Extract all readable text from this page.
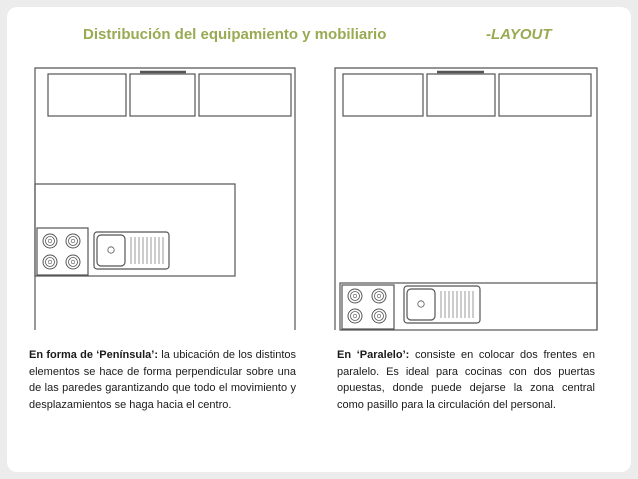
Distribución del equipamiento y mobiliario	-LAYOUT
En forma de ‘Península’: la ubicación de los distintos elementos se hace de forma perpendicular sobre una de las paredes garantizando que todo el movimiento y desplazamientos se haga hacia el centro.
En ‘Paralelo’: consiste en colocar dos frentes en paralelo. Es ideal para cocinas con dos puertas opuestas, donde puede dejarse la zona central como pasillo para la circulación del personal.
